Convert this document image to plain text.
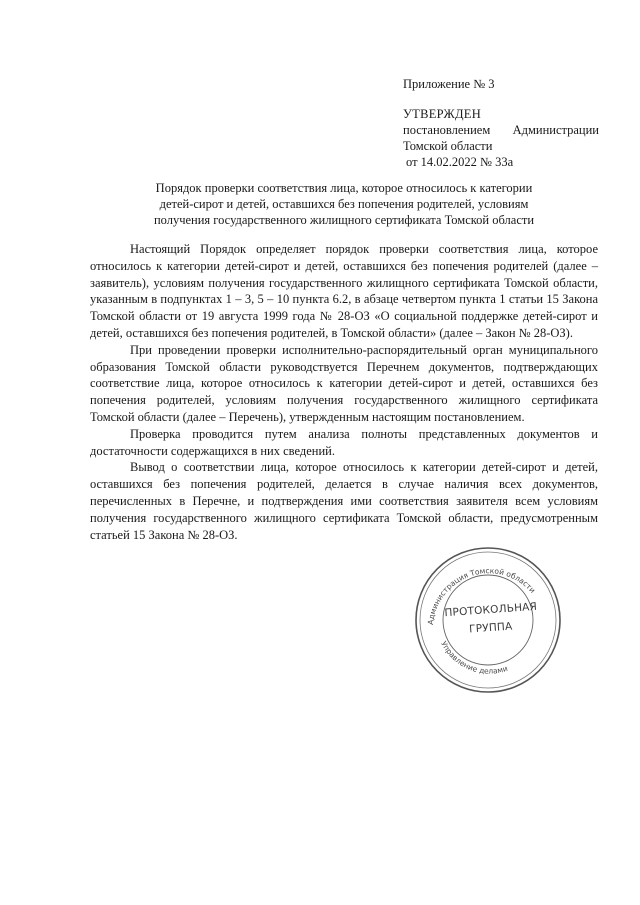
Приложение № 3
УТВЕРЖДЕН
постановлением Администрации
Томской области
от 14.02.2022 № 33а
Порядок проверки соответствия лица, которое относилось к категории
детей-сирот и детей, оставшихся без попечения родителей, условиям
получения государственного жилищного сертификата Томской области

Настоящий Порядок определяет порядок проверки соответствия лица, которое относилось к категории детей-сирот и детей, оставшихся без попечения родителей (далее – заявитель), условиям получения государственного жилищного сертификата Томской области, указанным в подпунктах 1 – 3, 5 – 10 пункта 6.2, в абзаце четвертом пункта 1 статьи 15 Закона Томской области от 19 августа 1999 года № 28-ОЗ «О социальной поддержке детей-сирот и детей, оставшихся без попечения родителей, в Томской области» (далее – Закон № 28-ОЗ).

При проведении проверки исполнительно-распорядительный орган муниципального образования Томской области руководствуется Перечнем документов, подтверждающих соответствие лица, которое относилось к категории детей-сирот и детей, оставшихся без попечения родителей, условиям получения государственного жилищного сертификата Томской области (далее – Перечень), утвержденным настоящим постановлением.

Проверка проводится путем анализа полноты представленных документов и достаточности содержащихся в них сведений.

Вывод о соответствии лица, которое относилось к категории детей-сирот и детей, оставшихся без попечения родителей, делается в случае наличия всех документов, перечисленных в Перечне, и подтверждения ими соответствия заявителя всем условиям получения государственного жилищного сертификата Томской области, предусмотренным статьей 15 Закона № 28-ОЗ.

Администрация Томской области
Управление делами
ПРОТОКОЛЬНАЯ
ГРУППА
